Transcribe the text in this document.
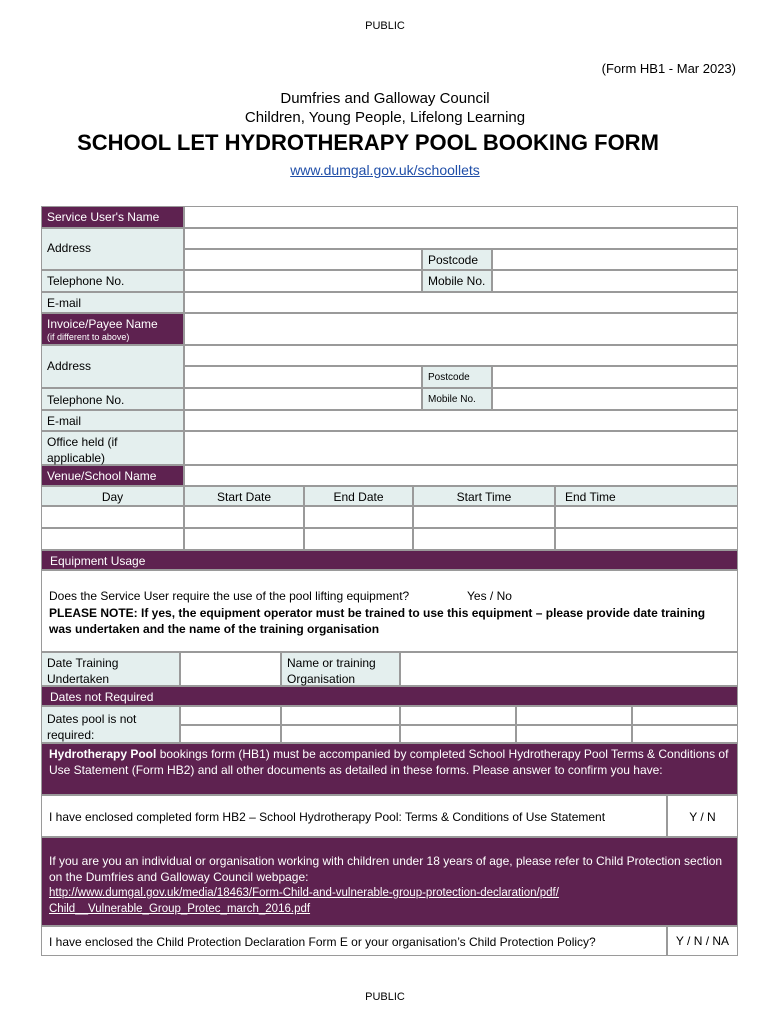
PUBLIC
(Form HB1 - Mar 2023)
Dumfries and Galloway Council
Children, Young People, Lifelong Learning
SCHOOL LET HYDROTHERAPY POOL BOOKING FORM
www.dumgal.gov.uk/schoollets
Service User's Name
Address
Postcode
Telephone No.	Mobile No.
E-mail
Invoice/Payee Name
(if different to above)
Address
Postcode
Telephone No.	Mobile No.
E-mail
Office held (if applicable)
Venue/School Name
Day	Start Date	End Date	Start Time	End Time
Equipment Usage
Does the Service User require the use of the pool lifting equipment?	Yes / No
PLEASE NOTE: If yes, the equipment operator must be trained to use this equipment – please provide date training was undertaken and the name of the training organisation
Date Training Undertaken
Name or training Organisation
Dates not Required
Dates pool is not required:
Hydrotherapy Pool bookings form (HB1) must be accompanied by completed School Hydrotherapy Pool Terms & Conditions of Use Statement (Form HB2) and all other documents as detailed in these forms. Please answer to confirm you have:
I have enclosed completed form HB2 – School Hydrotherapy Pool: Terms & Conditions of Use Statement	Y / N
If you are you an individual or organisation working with children under 18 years of age, please refer to Child Protection section on the Dumfries and Galloway Council webpage:
http://www.dumgal.gov.uk/media/18463/Form-Child-and-vulnerable-group-protection-declaration/pdf/Child__Vulnerable_Group_Protec_march_2016.pdf
I have enclosed the Child Protection Declaration Form E or your organisation’s Child Protection Policy?	Y / N / NA
PUBLIC
